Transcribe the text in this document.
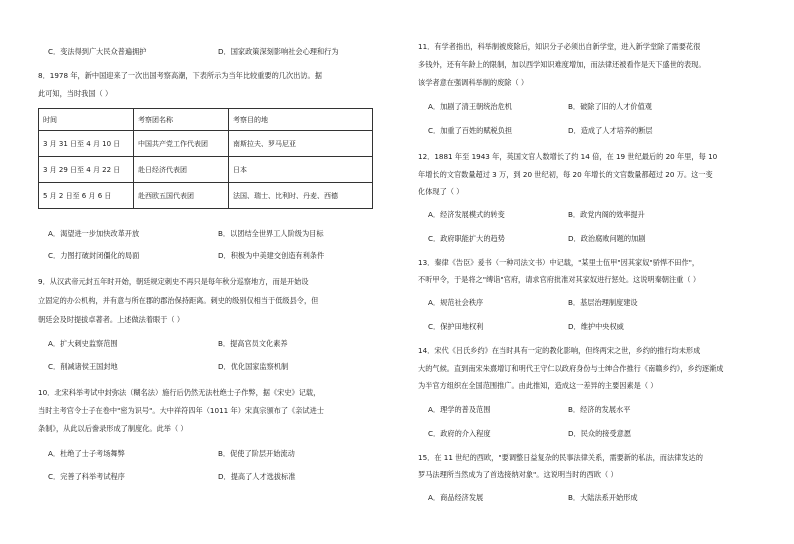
C．变法得到广大民众普遍拥护	D．国家政策深刻影响社会心理和行为
8．1978 年，新中国迎来了一次出国考察高潮，下表所示为当年比较重要的几次出访。据
此可知，当时我国（ ）
时间	考察团名称	考察目的地
3 月 31 日至 4 月 10 日	中国共产党工作代表团	南斯拉夫、罗马尼亚
3 月 29 日至 4 月 22 日	赴日经济代表团	日本
5 月 2 日至 6 月 6 日	赴西欧五国代表团	法国、瑞士、比利时、丹麦、西德
A．渴望进一步加快改革开放	B．以团结全世界工人阶级为目标
C．力图打破封闭僵化的局面	D．积极为中美建交创造有利条件
9．从汉武帝元封五年时开始，朝廷规定刺史不再只是每年秋分巡察地方，而是开始设
立固定的办公机构，并有意与所在郡的郡治保持距离。刺史的级别仅相当于低级县令，但
朝廷会及时提拔卓著者。上述做法着眼于（ ）
A．扩大刺史监察范围	B．提高官员文化素养
C．削减诸侯王国封地	D．优化国家监察机制
10．北宋科举考试中封弥法（糊名法）施行后仍然无法杜绝士子作弊，据《宋史》记载，
当时主考官令士子在卷中"密为识号"。大中祥符四年（1011 年）宋真宗颁布了《亲试进士
条制》，从此以后誊录形成了制度化。此举（ ）
A．杜绝了士子考场舞弊	B．促使了阶层开始流动
C．完善了科举考试程序	D．提高了人才选拔标准
11．有学者指出，科举制被废除后，知识分子必须出自新学堂，进入新学堂除了需要花很
多钱外，还有年龄上的限制，加以西学知识难度增加，而法律还被看作是天下盛世的表现。
该学者意在强调科举制的废除（ ）
A．加剧了清王朝统治危机	B．破除了旧的人才价值观
C．加重了百姓的赋税负担	D．造成了人才培养的断层
12．1881 年至 1943 年，英国文官人数增长了约 14 倍，在 19 世纪最后的 20 年里，每 10
年增长的文官数量超过 3 万，到 20 世纪初，每 20 年增长的文官数量都超过 20 万。这一变
化体现了（ ）
A．经济发展模式的转变	B．政党内阁的效率提升
C．政府职能扩大的趋势	D．政治腐败问题的加剧
13．秦律《告臣》爰书（一种司法文书）中记载，"某里士伍甲"因其家奴"骄悍不田作"，
不听甲令，于是将之"缚诣"官府，请求官府批准对其家奴进行惩处。这说明秦朝注重（ ）
A．规范社会秩序	B．基层治理制度建设
C．保护田地权利	D．维护中央权威
14．宋代《吕氏乡约》在当时具有一定的教化影响，但终两宋之世，乡约的推行均未形成
大的气候。直到南宋朱熹增订和明代王守仁以政府身份与士绅合作推行《南赣乡约》，乡约逐渐成
为半官方组织在全国范围推广。由此推知，造成这一差异的主要因素是（ ）
A．理学的普及范围	B．经济的发展水平
C．政府的介入程度	D．民众的接受意愿
15．在 11 世纪的西欧，"要调整日益复杂的民事法律关系，需要新的私法，而法律发达的
罗马法理所当然成为了首选接纳对象"。这说明当时的西欧（ ）
A．商品经济发展	B．大陆法系开始形成
